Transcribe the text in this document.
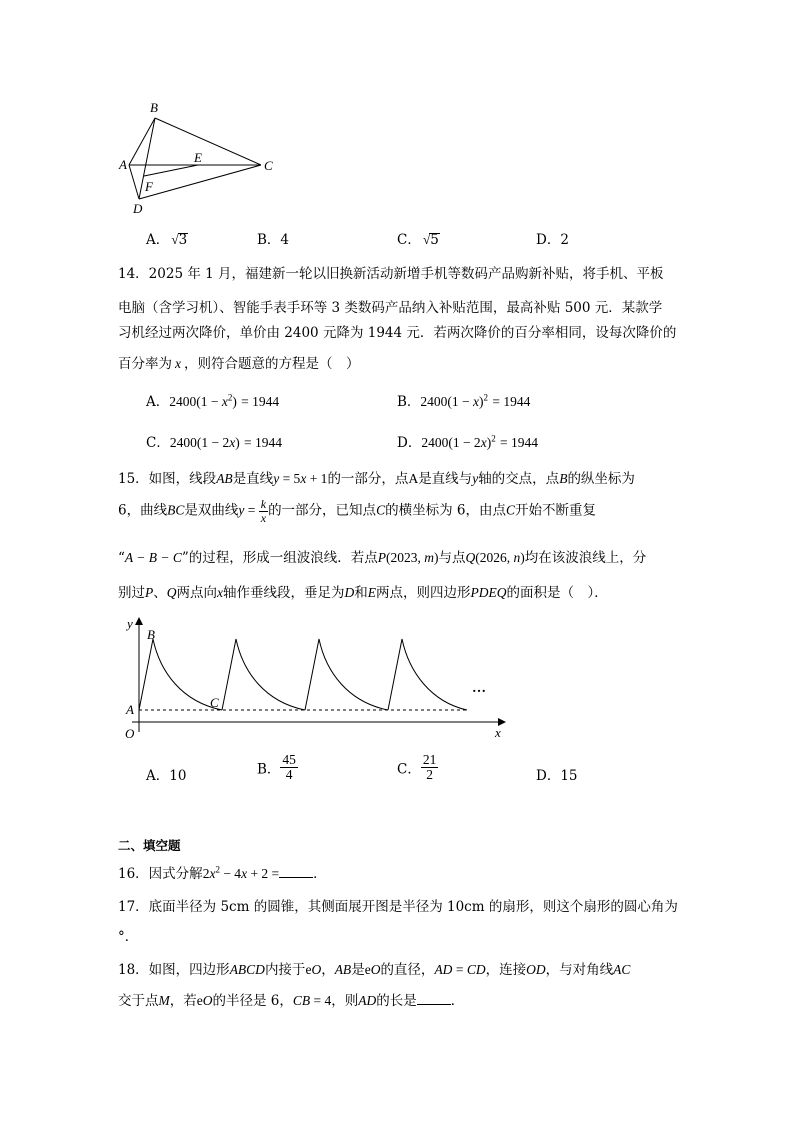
B
A	E
C
F
D
A． √3	B．4	C． √5	D．2
14．2025 年 1 月，福建新一轮以旧换新活动新增手机等数码产品购新补贴，将手机、平板
电脑（含学习机）、智能手表手环等 3 类数码产品纳入补贴范围，最高补贴 500 元．某款学
习机经过两次降价，单价由 2400 元降为 1944 元．若两次降价的百分率相同，设每次降价的
百分率为 x ，则符合题意的方程是（　）
A．$2400(1 - x^2) = 1944$	B．$2400(1 - x)^2 = 1944$
C．2400(1 − 2x) = 1944	D．$2400(1 - 2x)^2 = 1944$
15．如图，线段AB是直线y = 5x + 1的一部分，点A是直线与y轴的交点，点B的纵坐标为
6，曲线BC是双曲线$y = \frac{k}{x}$ 的一部分，已知点C的横坐标为 6，由点C开始不断重复
“A − B − C”的过程，形成一组波浪线．若点P(2023, m)与点Q(2026, n)均在该波浪线上，分
别过P、Q两点向x轴作垂线段，垂足为D和E两点，则四边形PDEQ的面积是（　）．
y
B
A	C
O	x
…
A．10	B． $\frac{45}{4}$	C． $\frac{21}{2}$	D．15
二、填空题
16．因式分解$2x^2 - 4x + 2$ =	．
17．底面半径为 5cm 的圆锥，其侧面展开图是半径为 10cm 的扇形，则这个扇形的圆心角为
°．
18．如图，四边形ABCD内接于eO，AB是eO的直径，AD = CD，连接OD，与对角线AC
交于点M，若eO的半径是 6，CB = 4，则AD的长是	．
